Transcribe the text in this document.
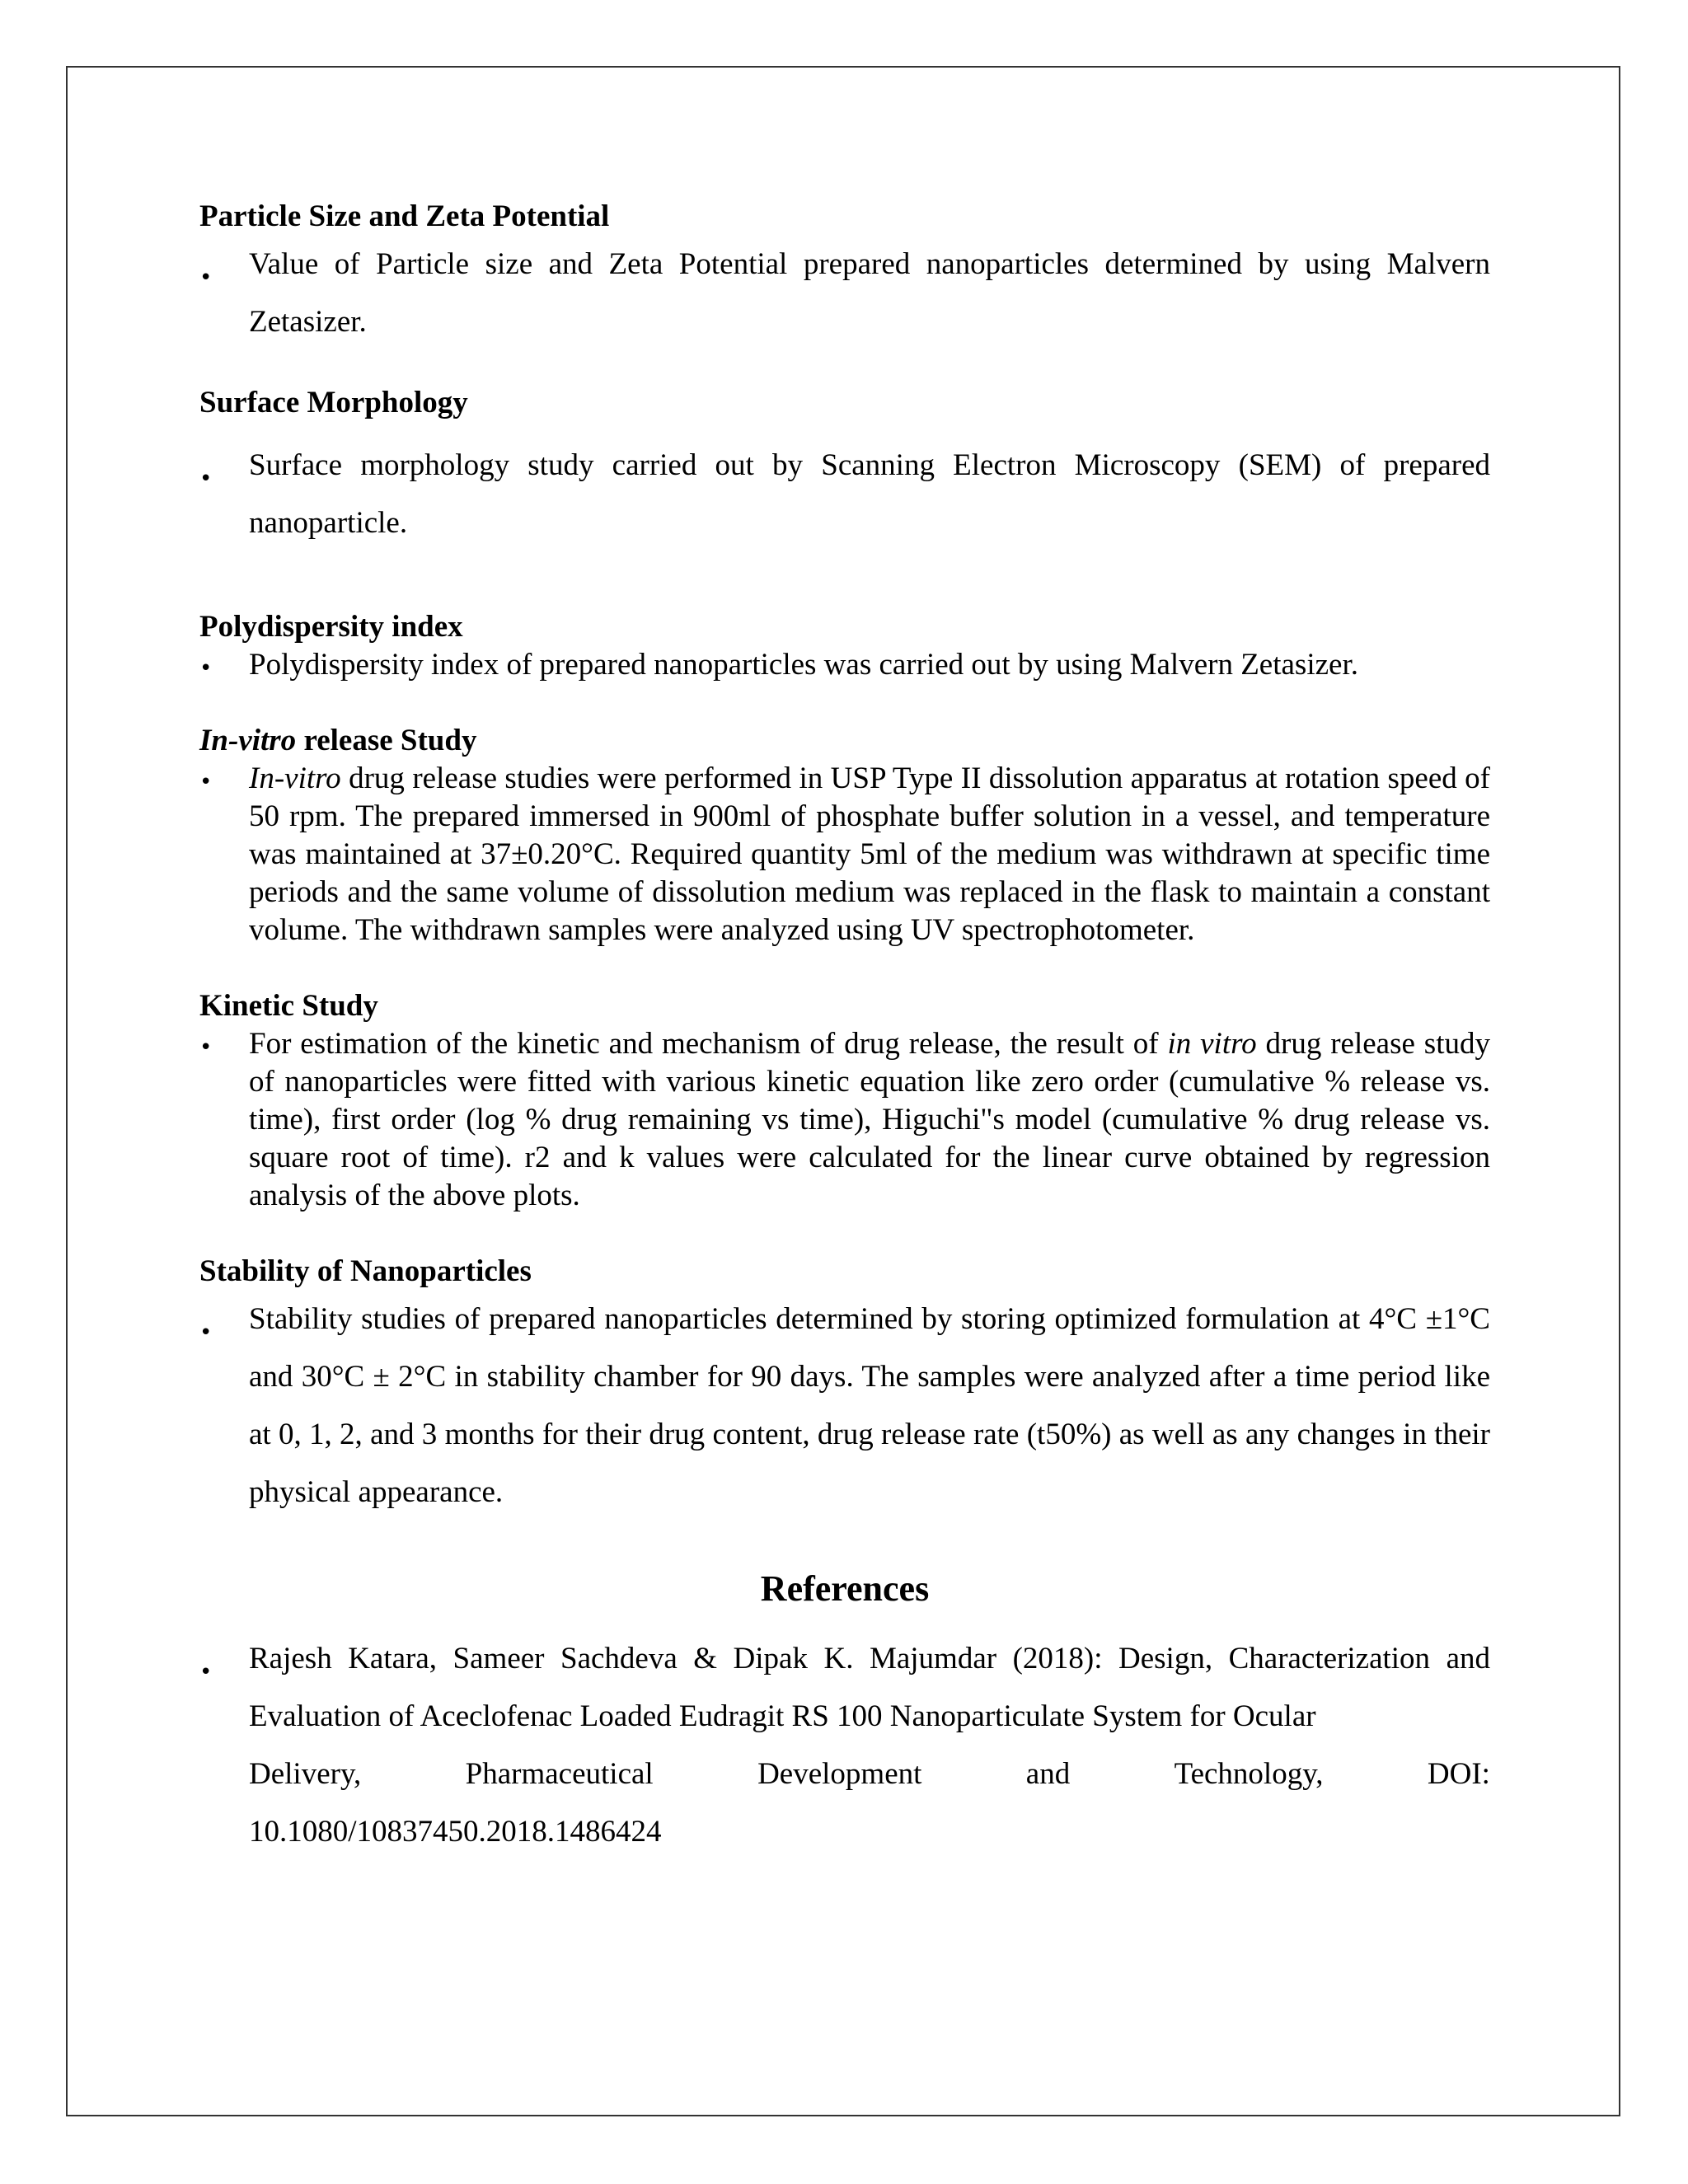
Particle Size and Zeta Potential

• Value of Particle size and Zeta Potential prepared nanoparticles determined by using Malvern Zetasizer.

Surface Morphology

• Surface morphology study carried out by Scanning Electron Microscopy (SEM) of prepared nanoparticle.

Polydispersity index

• Polydispersity index of prepared nanoparticles was carried out by using Malvern Zetasizer.

In-vitro release Study

• In-vitro drug release studies were performed in USP Type II dissolution apparatus at rotation speed of 50 rpm. The prepared immersed in 900ml of phosphate buffer solution in a vessel, and temperature was maintained at 37±0.20°C. Required quantity 5ml of the medium was withdrawn at specific time periods and the same volume of dissolution medium was replaced in the flask to maintain a constant volume. The withdrawn samples were analyzed using UV spectrophotometer.

Kinetic Study

• For estimation of the kinetic and mechanism of drug release, the result of in vitro drug release study of nanoparticles were fitted with various kinetic equation like zero order (cumulative % release vs. time), first order (log % drug remaining vs time), Higuchi"s model (cumulative % drug release vs. square root of time). r2 and k values were calculated for the linear curve obtained by regression analysis of the above plots.

Stability of Nanoparticles

• Stability studies of prepared nanoparticles determined by storing optimized formulation at 4°C ±1°C and 30°C ± 2°C in stability chamber for 90 days. The samples were analyzed after a time period like at 0, 1, 2, and 3 months for their drug content, drug release rate (t50%) as well as any changes in their physical appearance.

References

• Rajesh Katara, Sameer Sachdeva & Dipak K. Majumdar (2018): Design, Characterization and Evaluation of Aceclofenac Loaded Eudragit RS 100 Nanoparticulate System for Ocular
Delivery,	Pharmaceutical	Development	and	Technology,	DOI:
10.1080/10837450.2018.1486424
